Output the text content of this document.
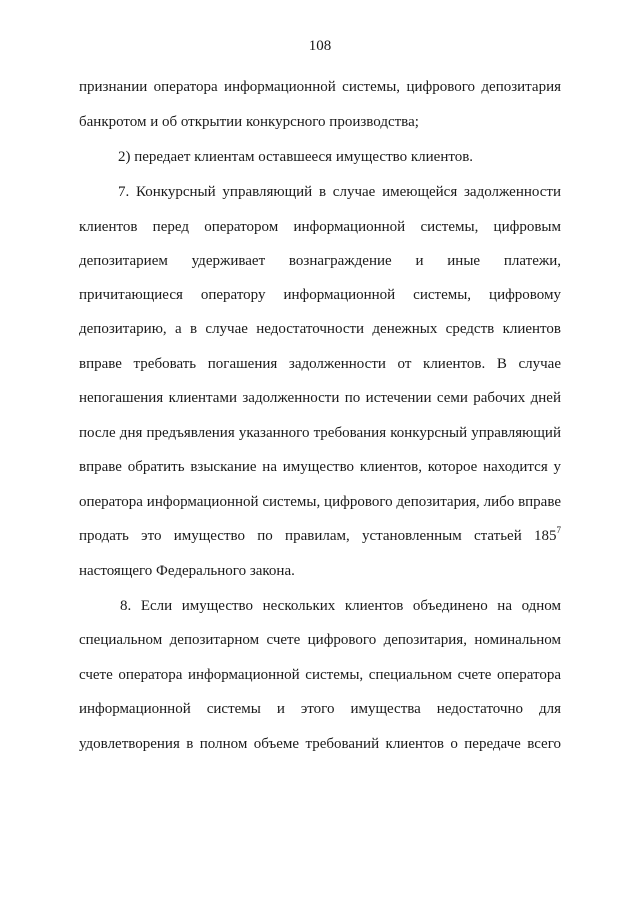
108
признании оператора информационной системы, цифрового депозитария
банкротом и об открытии конкурсного производства;
2) передает клиентам оставшееся имущество клиентов.
7. Конкурсный управляющий в случае имеющейся задолженности
клиентов перед оператором информационной системы, цифровым
депозитарием удерживает вознаграждение и иные платежи,
причитающиеся оператору информационной системы, цифровому
депозитарию, а в случае недостаточности денежных средств клиентов
вправе требовать погашения задолженности от клиентов. В случае
непогашения клиентами задолженности по истечении семи рабочих дней
после дня предъявления указанного требования конкурсный управляющий
вправе обратить взыскание на имущество клиентов, которое находится у
оператора информационной системы, цифрового депозитария, либо вправе
продать это имущество по правилам, установленным статьей $185^7$
настоящего Федерального закона.
8. Если имущество нескольких клиентов объединено на одном
специальном депозитарном счете цифрового депозитария, номинальном
счете оператора информационной системы, специальном счете оператора
информационной системы и этого имущества недостаточно для
удовлетворения в полном объеме требований клиентов о передаче всего
